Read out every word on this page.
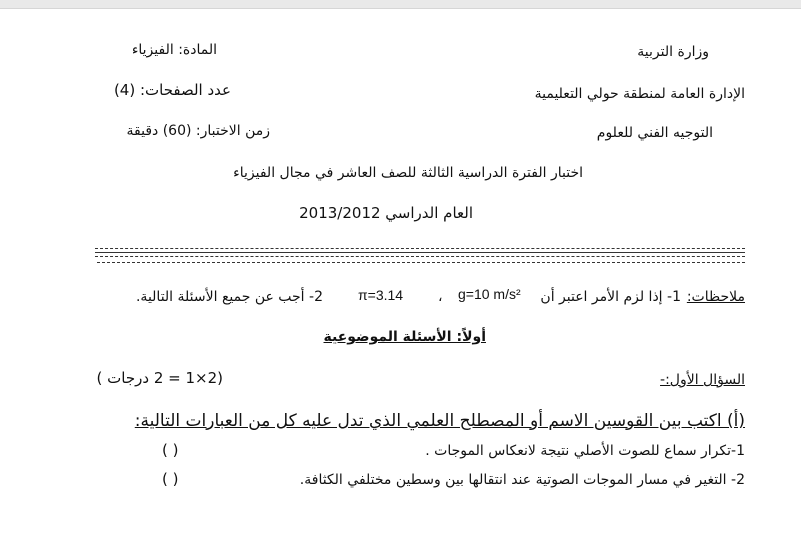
وزارة التربية
الإدارة العامة لمنطقة حولي التعليمية
التوجيه الفني للعلوم
المادة: الفيزياء
عدد الصفحات: (4)
زمن الاختبار: (60) دقيقة
اختبار الفترة الدراسية الثالثة للصف العاشر في مجال الفيزياء
العام الدراسي 2013/2012
ملاحظات:
1- إذا لزم الأمر اعتبر أن
g=10 m/s²
،
π=3.14
2- أجب عن جميع الأسئلة التالية.
أولاً: الأسئلة الموضوعية
السؤال الأول:-
(2×1 = 2 درجات )
(أ) اكتب بين القوسين الاسم أو المصطلح العلمي الذي تدل عليه كل من العبارات التالية:
1-تكرار سماع للصوت الأصلي نتيجة لانعكاس الموجات .
( )
2- التغير في مسار الموجات الصوتية عند انتقالها بين وسطين مختلفي الكثافة.
( )
